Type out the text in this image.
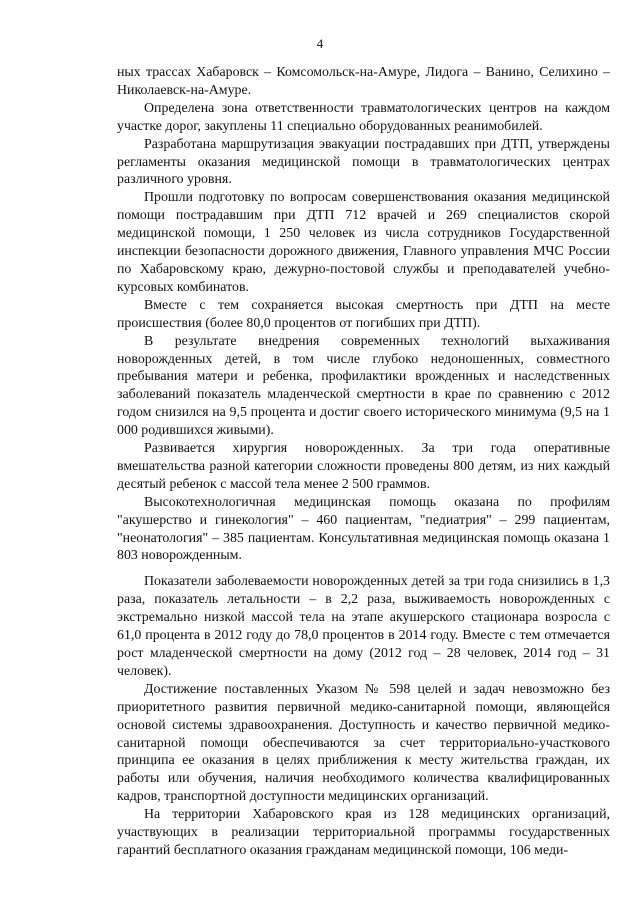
4

ных трассах Хабаровск – Комсомольск-на-Амуре, Лидога – Ванино, Селихино – Николаевск-на-Амуре.

Определена зона ответственности травматологических центров на каждом участке дорог, закуплены 11 специально оборудованных реанимобилей.

Разработана маршрутизация эвакуации пострадавших при ДТП, утверждены регламенты оказания медицинской помощи в травматологических центрах различного уровня.

Прошли подготовку по вопросам совершенствования оказания медицинской помощи пострадавшим при ДТП 712 врачей и 269 специалистов скорой медицинской помощи, 1 250 человек из числа сотрудников Государственной инспекции безопасности дорожного движения, Главного управления МЧС России по Хабаровскому краю, дежурно-постовой службы и преподавателей учебно-курсовых комбинатов.

Вместе с тем сохраняется высокая смертность при ДТП на месте происшествия (более 80,0 процентов от погибших при ДТП).

В результате внедрения современных технологий выхаживания новорожденных детей, в том числе глубоко недоношенных, совместного пребывания матери и ребенка, профилактики врожденных и наследственных заболеваний показатель младенческой смертности в крае по сравнению с 2012 годом снизился на 9,5 процента и достиг своего исторического минимума (9,5 на 1 000 родившихся живыми).

Развивается хирургия новорожденных. За три года оперативные вмешательства разной категории сложности проведены 800 детям, из них каждый десятый ребенок с массой тела менее 2 500 граммов.

Высокотехнологичная медицинская помощь оказана по профилям "акушерство и гинекология" – 460 пациентам, "педиатрия" – 299 пациентам, "неонатология" – 385 пациентам. Консультативная медицинская помощь оказана 1 803 новорожденным.

Показатели заболеваемости новорожденных детей за три года снизились в 1,3 раза, показатель летальности – в 2,2 раза, выживаемость новорожденных с экстремально низкой массой тела на этапе акушерского стационара возросла с 61,0 процента в 2012 году до 78,0 процентов в 2014 году. Вместе с тем отмечается рост младенческой смертности на дому (2012 год – 28 человек, 2014 год – 31 человек).

Достижение поставленных Указом № 598 целей и задач невозможно без приоритетного развития первичной медико-санитарной помощи, являющейся основой системы здравоохранения. Доступность и качество первичной медико-санитарной помощи обеспечиваются за счет территориально-участкового принципа ее оказания в целях приближения к месту жительства граждан, их работы или обучения, наличия необходимого количества квалифицированных кадров, транспортной доступности медицинских организаций.

На территории Хабаровского края из 128 медицинских организаций, участвующих в реализации территориальной программы государственных гарантий бесплатного оказания гражданам медицинской помощи, 106 меди-
